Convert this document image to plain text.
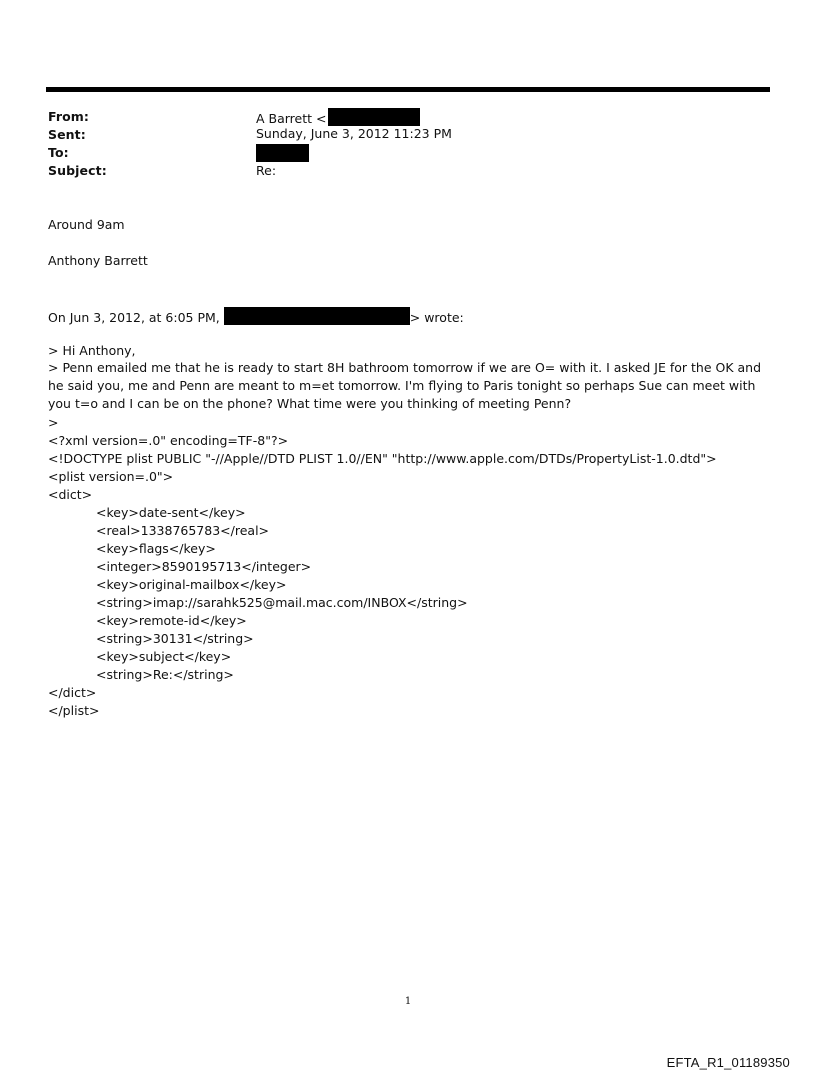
From:	A Barrett <
Sent:	Sunday, June 3, 2012 11:23 PM
To:
Subject:	Re:
Around 9am
Anthony Barrett
On Jun 3, 2012, at 6:05 PM,	> wrote:
> Hi Anthony,
> Penn emailed me that he is ready to start 8H bathroom tomorrow if we are O= with it. I asked JE for the OK and he said you, me and Penn are meant to m=et tomorrow. I'm flying to Paris tonight so perhaps Sue can meet with you t=o and I can be on the phone? What time were you thinking of meeting Penn?
>
<?xml version=.0" encoding=TF-8"?>
<!DOCTYPE plist PUBLIC "-//Apple//DTD PLIST 1.0//EN" "http://www.apple.com/DTDs/PropertyList-1.0.dtd">
<plist version=.0">
<dict>
<key>date-sent</key>
<real>1338765783</real>
<key>flags</key>
<integer>8590195713</integer>
<key>original-mailbox</key>
<string>imap://sarahk525@mail.mac.com/INBOX</string>
<key>remote-id</key>
<string>30131</string>
<key>subject</key>
<string>Re:</string>
</dict>
</plist>
1
EFTA_R1_01189350
